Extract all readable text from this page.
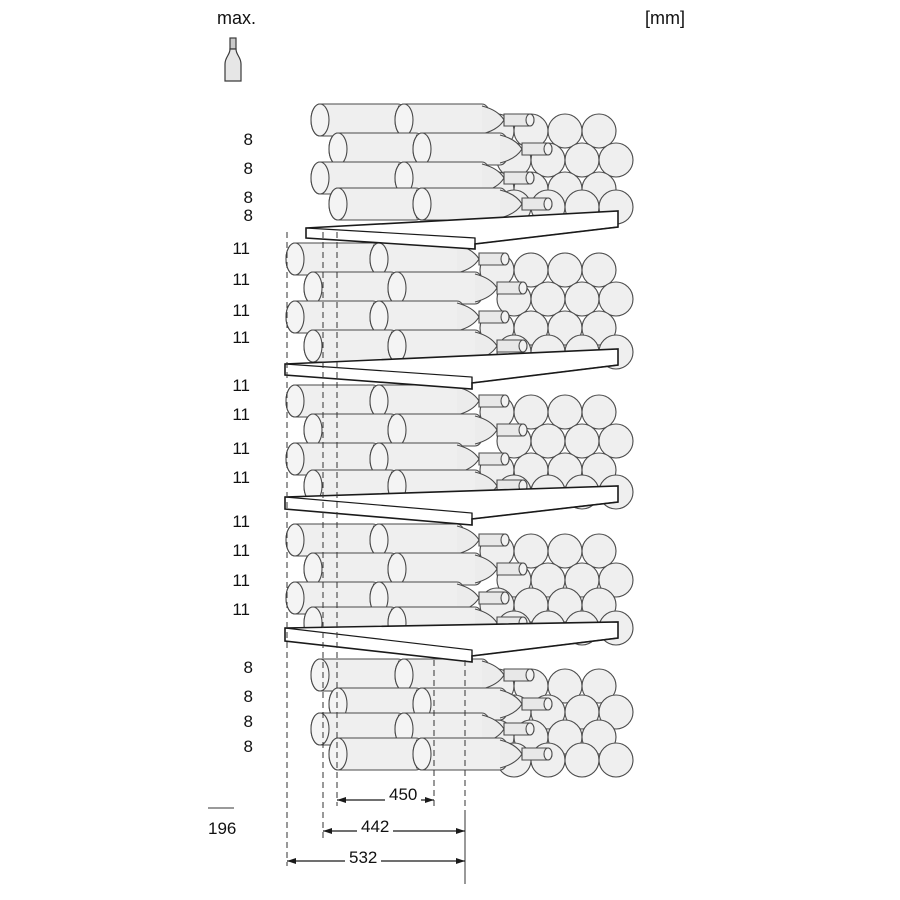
max.	[mm]
196
8
8
8
8
11
11
11
11
11
11
11
11
11
11
11
11
8
8
8
8
450
442
532
